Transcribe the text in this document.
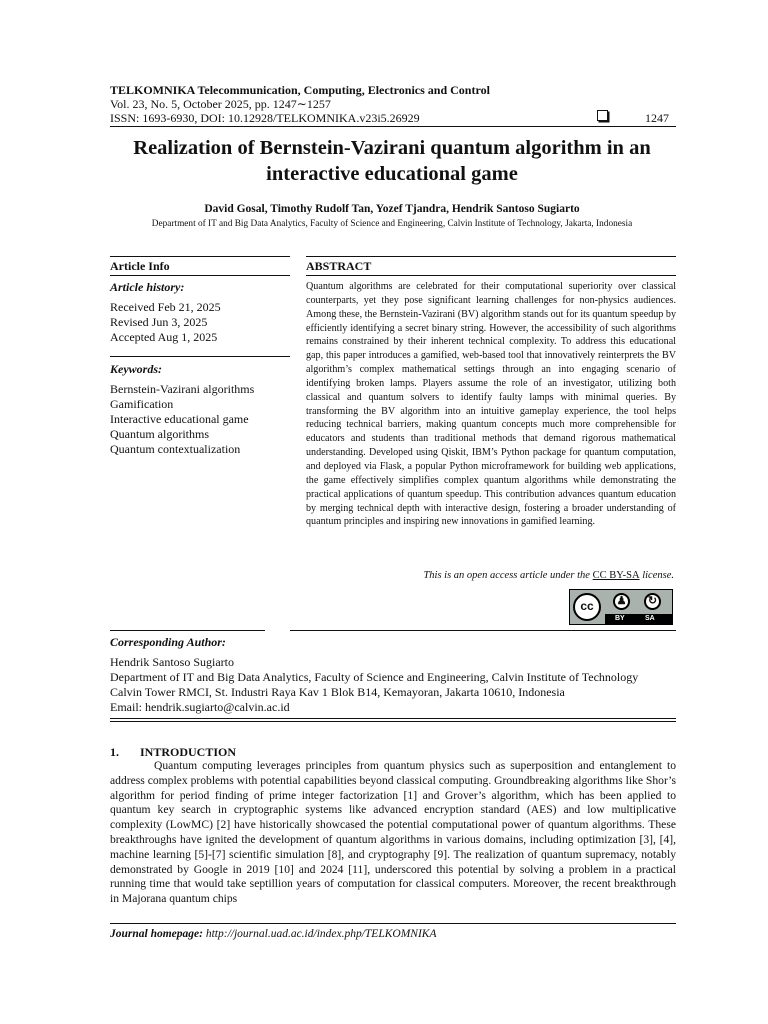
TELKOMNIKA Telecommunication, Computing, Electronics and Control
Vol. 23, No. 5, October 2025, pp. 1247∼1257
ISSN: 1693-6930, DOI: 10.12928/TELKOMNIKA.v23i5.26929	1247
Realization of Bernstein-Vazirani quantum algorithm in an interactive educational game
David Gosal, Timothy Rudolf Tan, Yozef Tjandra, Hendrik Santoso Sugiarto
Department of IT and Big Data Analytics, Faculty of Science and Engineering, Calvin Institute of Technology, Jakarta, Indonesia
Article Info
Article history:
Received Feb 21, 2025
Revised Jun 3, 2025
Accepted Aug 1, 2025
Keywords:
Bernstein-Vazirani algorithms
Gamification
Interactive educational game
Quantum algorithms
Quantum contextualization
ABSTRACT
Quantum algorithms are celebrated for their computational superiority over classical counterparts, yet they pose significant learning challenges for non-physics audiences. Among these, the Bernstein-Vazirani (BV) algorithm stands out for its quantum speedup by efficiently identifying a secret binary string. However, the accessibility of such algorithms remains constrained by their inherent technical complexity. To address this educational gap, this paper introduces a gamified, web-based tool that innovatively reinterprets the BV algorithm’s complex mathematical settings through an into engaging scenario of identifying broken lamps. Players assume the role of an investigator, utilizing both classical and quantum solvers to identify faulty lamps with minimal queries. By transforming the BV algorithm into an intuitive gameplay experience, the tool helps reducing technical barriers, making quantum concepts much more comprehensible for educators and students than traditional methods that demand rigorous mathematical understanding. Developed using Qiskit, IBM’s Python package for quantum computation, and deployed via Flask, a popular Python microframework for building web applications, the game effectively simplifies complex quantum algorithms while demonstrating the practical applications of quantum speedup. This contribution advances quantum education by merging technical depth with interactive design, fostering a broader understanding of quantum principles and inspiring new innovations in gamified learning.
This is an open access article under the CC BY-SA license.
cc	♟	↻
BY	SA
Corresponding Author:
Hendrik Santoso Sugiarto
Department of IT and Big Data Analytics, Faculty of Science and Engineering, Calvin Institute of Technology
Calvin Tower RMCI, St. Industri Raya Kav 1 Blok B14, Kemayoran, Jakarta 10610, Indonesia
Email: hendrik.sugiarto@calvin.ac.id
1.       INTRODUCTION
Quantum computing leverages principles from quantum physics such as superposition and entanglement to address complex problems with potential capabilities beyond classical computing. Groundbreaking algorithms like Shor’s algorithm for period finding of prime integer factorization [1] and Grover’s algorithm, which has been applied to quantum key search in cryptographic systems like advanced encryption standard (AES) and low multiplicative complexity (LowMC) [2] have historically showcased the potential computational power of quantum algorithms. These breakthroughs have ignited the development of quantum algorithms in various domains, including optimization [3], [4], machine learning [5]-[7] scientific simulation [8], and cryptography [9]. The realization of quantum supremacy, notably demonstrated by Google in 2019 [10] and 2024 [11], underscored this potential by solving a problem in a practical running time that would take septillion years of computation for classical computers. Moreover, the recent breakthrough in Majorana quantum chips
Journal homepage: http://journal.uad.ac.id/index.php/TELKOMNIKA
